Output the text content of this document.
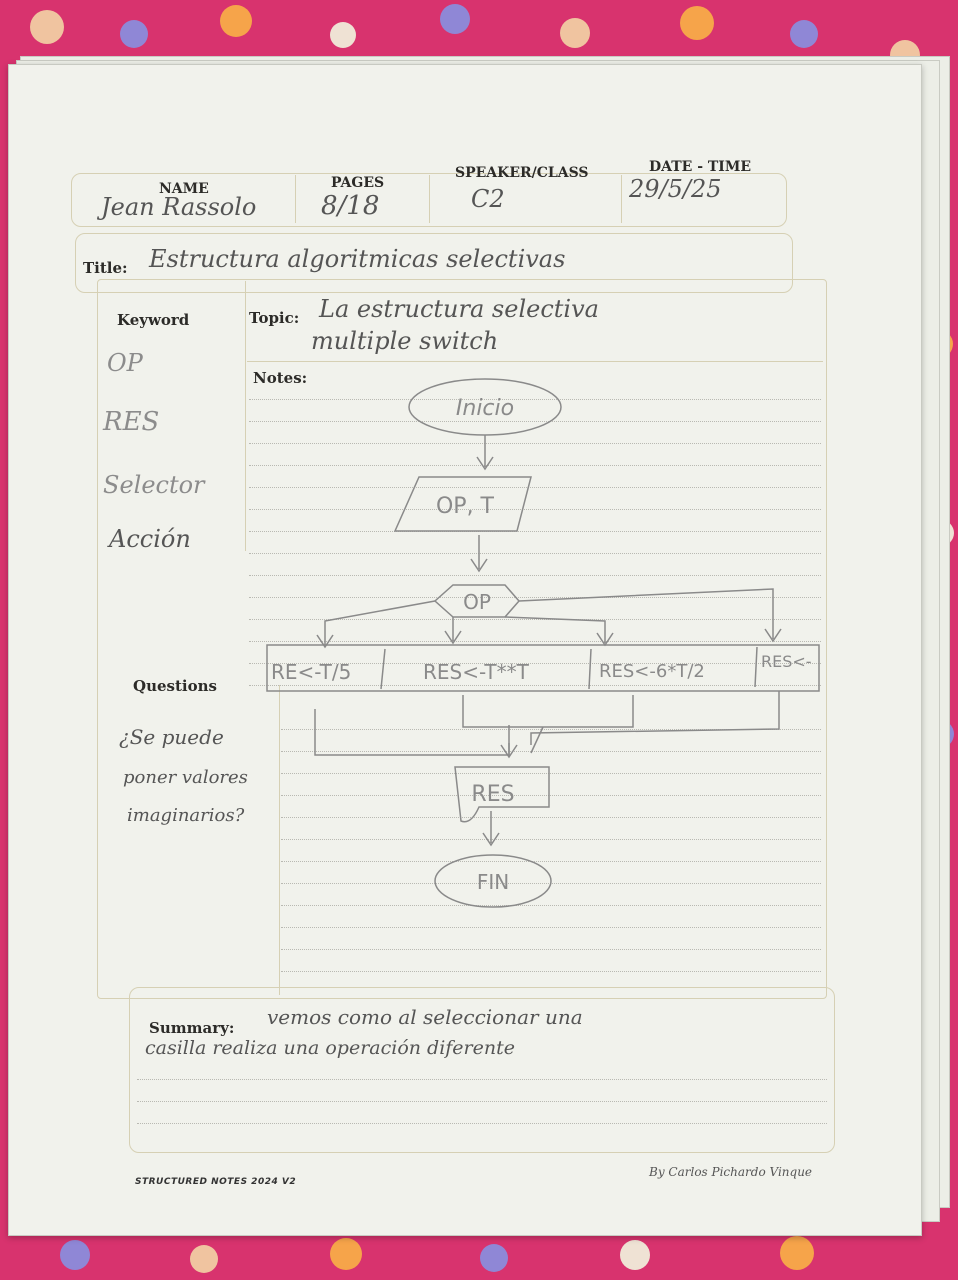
NAME
Jean Rassolo
PAGES
8/18
SPEAKER/CLASS
C2
DATE - TIME
29/5/25
Title: Estructura algoritmicas selectivas
Keyword
OP
RES
Selector
Acción
Topic: La estructura selectiva
multiple switch
Notes:
Inicio
OP, T
OP
RE<-T/5	RES<-T**T	RES<-6*T/2	RES<-
RES
FIN
Questions
¿Se puede
poner valores
imaginarios?
Summary: vemos como al seleccionar una
casilla realiza una operación diferente
STRUCTURED NOTES 2024 V2
By Carlos Pichardo Vinque
